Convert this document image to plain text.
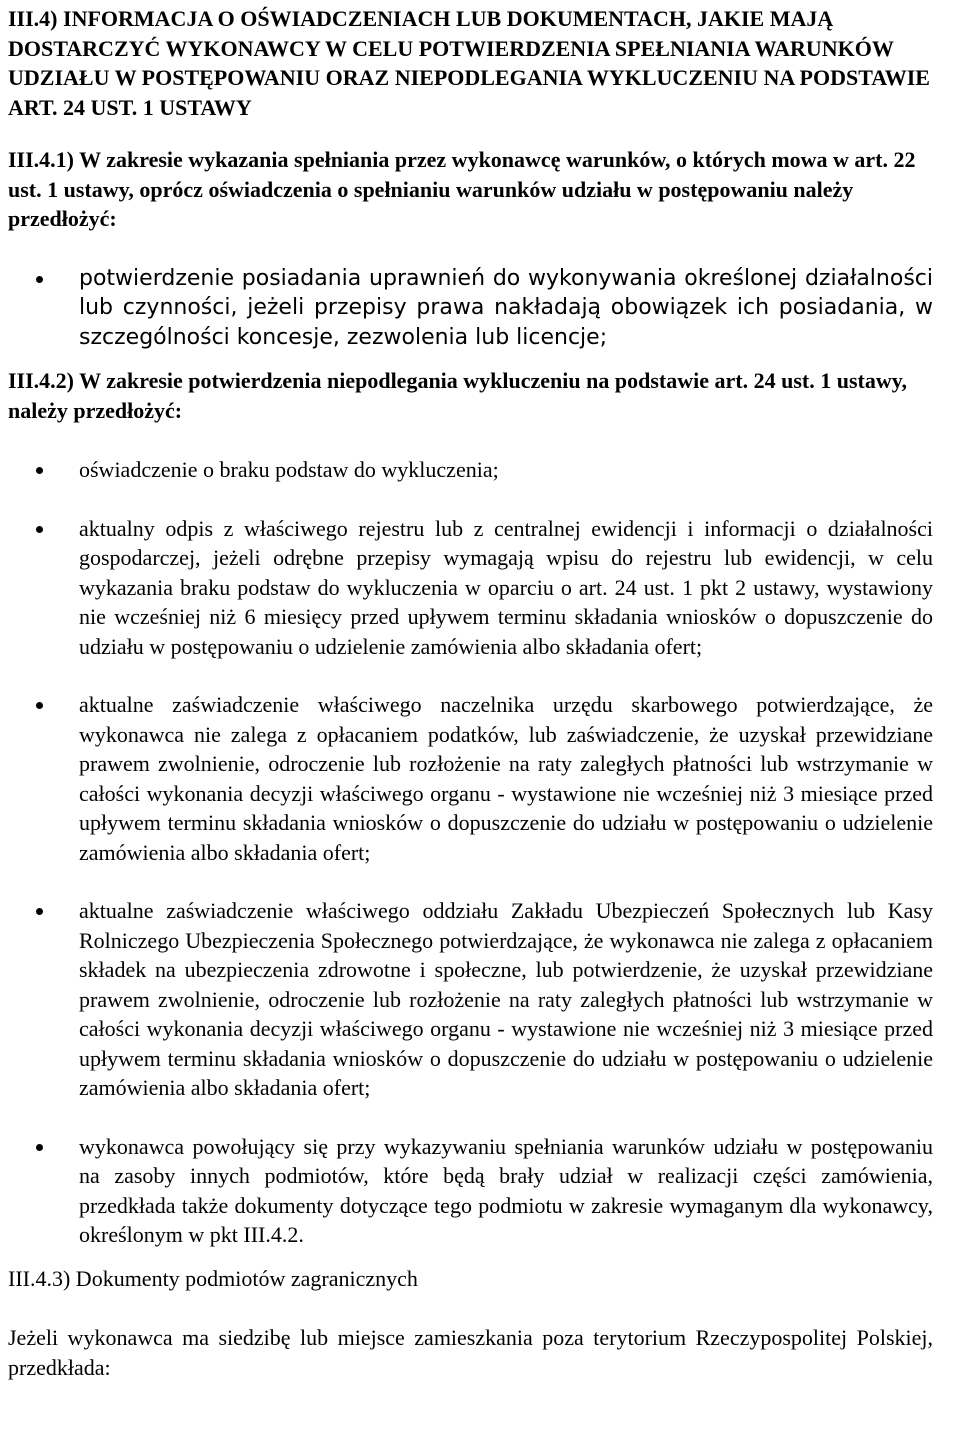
III.4) INFORMACJA O OŚWIADCZENIACH LUB DOKUMENTACH, JAKIE MAJĄ DOSTARCZYĆ WYKONAWCY W CELU POTWIERDZENIA SPEŁNIANIA WARUNKÓW UDZIAŁU W POSTĘPOWANIU ORAZ NIEPODLEGANIA WYKLUCZENIU NA PODSTAWIE ART. 24 UST. 1 USTAWY

III.4.1) W zakresie wykazania spełniania przez wykonawcę warunków, o których mowa w art. 22 ust. 1 ustawy, oprócz oświadczenia o spełnianiu warunków udziału w postępowaniu należy przedłożyć:

potwierdzenie posiadania uprawnień do wykonywania określonej działalności lub czynności, jeżeli przepisy prawa nakładają obowiązek ich posiadania, w szczególności koncesje, zezwolenia lub licencje;

III.4.2) W zakresie potwierdzenia niepodlegania wykluczeniu na podstawie art. 24 ust. 1 ustawy, należy przedłożyć:

oświadczenie o braku podstaw do wykluczenia;
aktualny odpis z właściwego rejestru lub z centralnej ewidencji i informacji o działalności gospodarczej, jeżeli odrębne przepisy wymagają wpisu do rejestru lub ewidencji, w celu wykazania braku podstaw do wykluczenia w oparciu o art. 24 ust. 1 pkt 2 ustawy, wystawiony nie wcześniej niż 6 miesięcy przed upływem terminu składania wniosków o dopuszczenie do udziału w postępowaniu o udzielenie zamówienia albo składania ofert;
aktualne zaświadczenie właściwego naczelnika urzędu skarbowego potwierdzające, że wykonawca nie zalega z opłacaniem podatków, lub zaświadczenie, że uzyskał przewidziane prawem zwolnienie, odroczenie lub rozłożenie na raty zaległych płatności lub wstrzymanie w całości wykonania decyzji właściwego organu - wystawione nie wcześniej niż 3 miesiące przed upływem terminu składania wniosków o dopuszczenie do udziału w postępowaniu o udzielenie zamówienia albo składania ofert;
aktualne zaświadczenie właściwego oddziału Zakładu Ubezpieczeń Społecznych lub Kasy Rolniczego Ubezpieczenia Społecznego potwierdzające, że wykonawca nie zalega z opłacaniem składek na ubezpieczenia zdrowotne i społeczne, lub potwierdzenie, że uzyskał przewidziane prawem zwolnienie, odroczenie lub rozłożenie na raty zaległych płatności lub wstrzymanie w całości wykonania decyzji właściwego organu - wystawione nie wcześniej niż 3 miesiące przed upływem terminu składania wniosków o dopuszczenie do udziału w postępowaniu o udzielenie zamówienia albo składania ofert;
wykonawca powołujący się przy wykazywaniu spełniania warunków udziału w postępowaniu na zasoby innych podmiotów, które będą brały udział w realizacji części zamówienia, przedkłada także dokumenty dotyczące tego podmiotu w zakresie wymaganym dla wykonawcy, określonym w pkt III.4.2.

III.4.3) Dokumenty podmiotów zagranicznych

Jeżeli wykonawca ma siedzibę lub miejsce zamieszkania poza terytorium Rzeczypospolitej Polskiej, przedkłada:
